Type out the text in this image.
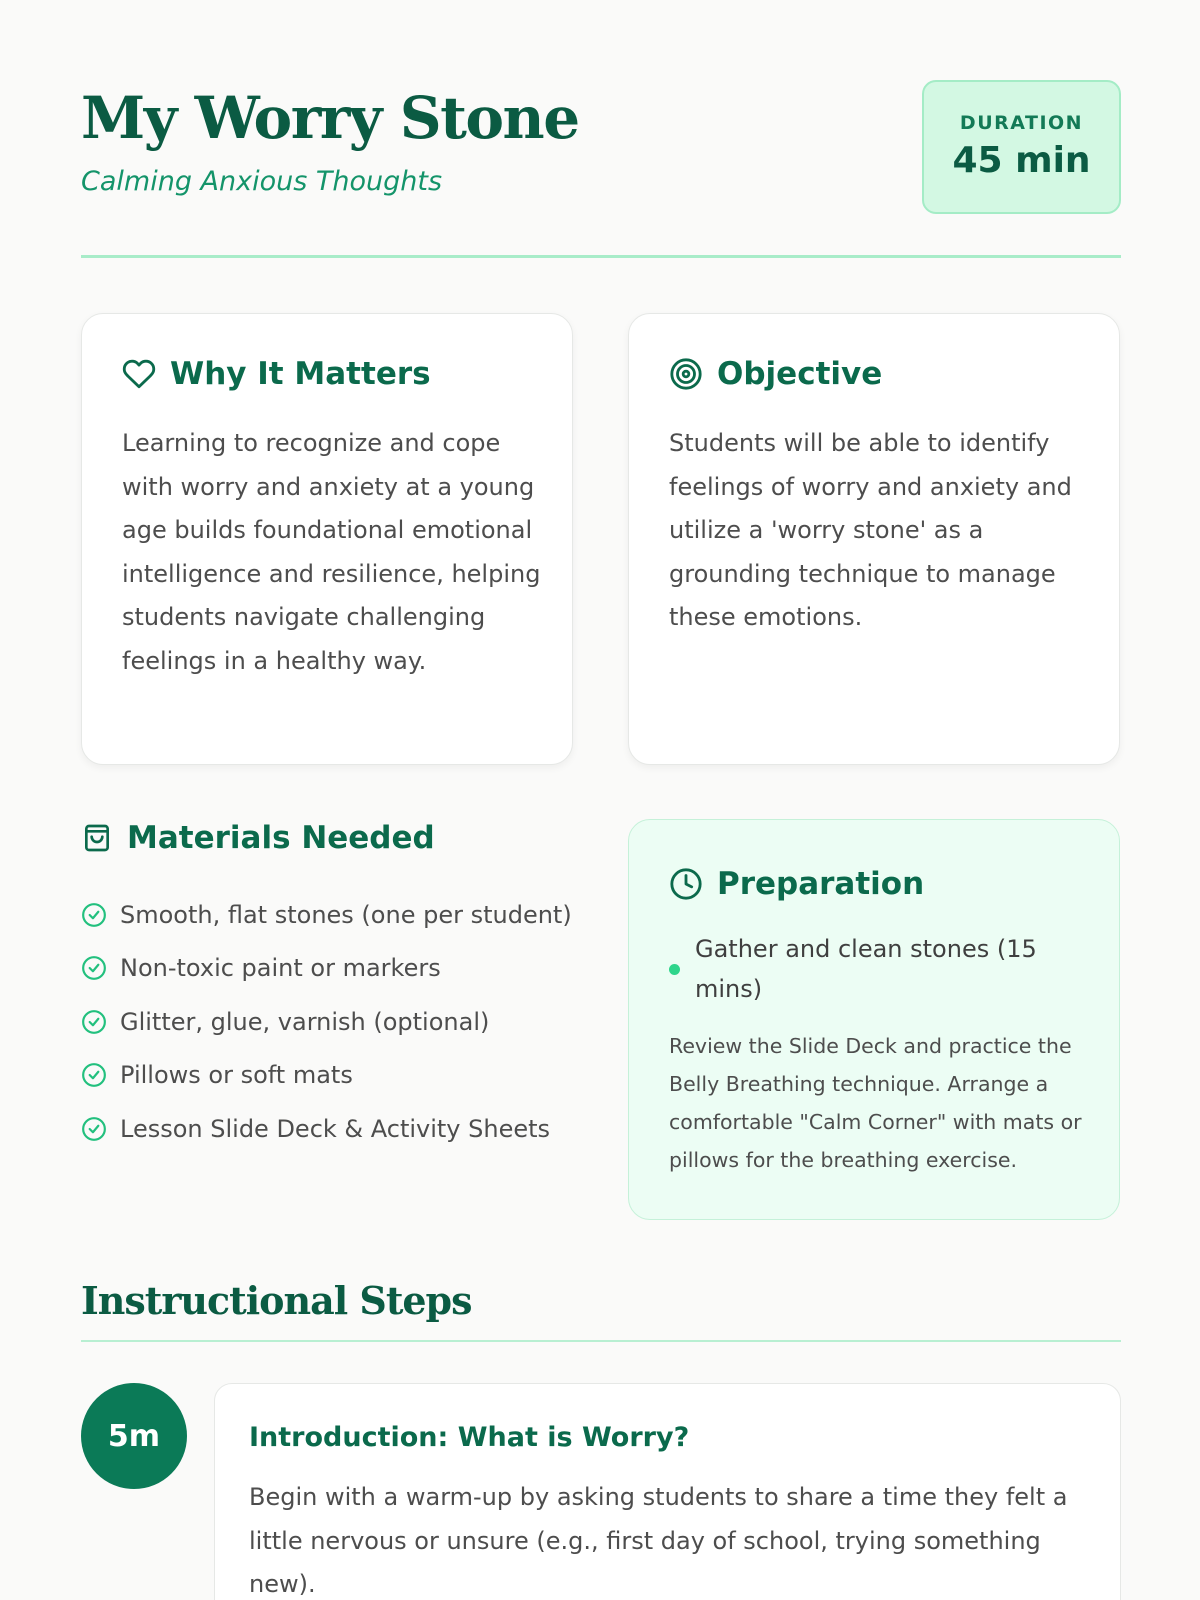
My Worry Stone
Calming Anxious Thoughts
DURATION
45 min
Why It Matters

Learning to recognize and cope with worry and anxiety at a young age builds foundational emotional intelligence and resilience, helping students navigate challenging feelings in a healthy way.

Objective

Students will be able to identify feelings of worry and anxiety and utilize a 'worry stone' as a grounding technique to manage these emotions.

Materials Needed
Smooth, flat stones (one per student)
Non-toxic paint or markers
Glitter, glue, varnish (optional)
Pillows or soft mats
Lesson Slide Deck & Activity Sheets
Preparation
Gather and clean stones (15 mins)

Review the Slide Deck and practice the Belly Breathing technique. Arrange a comfortable "Calm Corner" with mats or pillows for the breathing exercise.

Instructional Steps
5m	Introduction: What is Worry?

Begin with a warm-up by asking students to share a time they felt a little nervous or unsure (e.g., first day of school, trying something new).
